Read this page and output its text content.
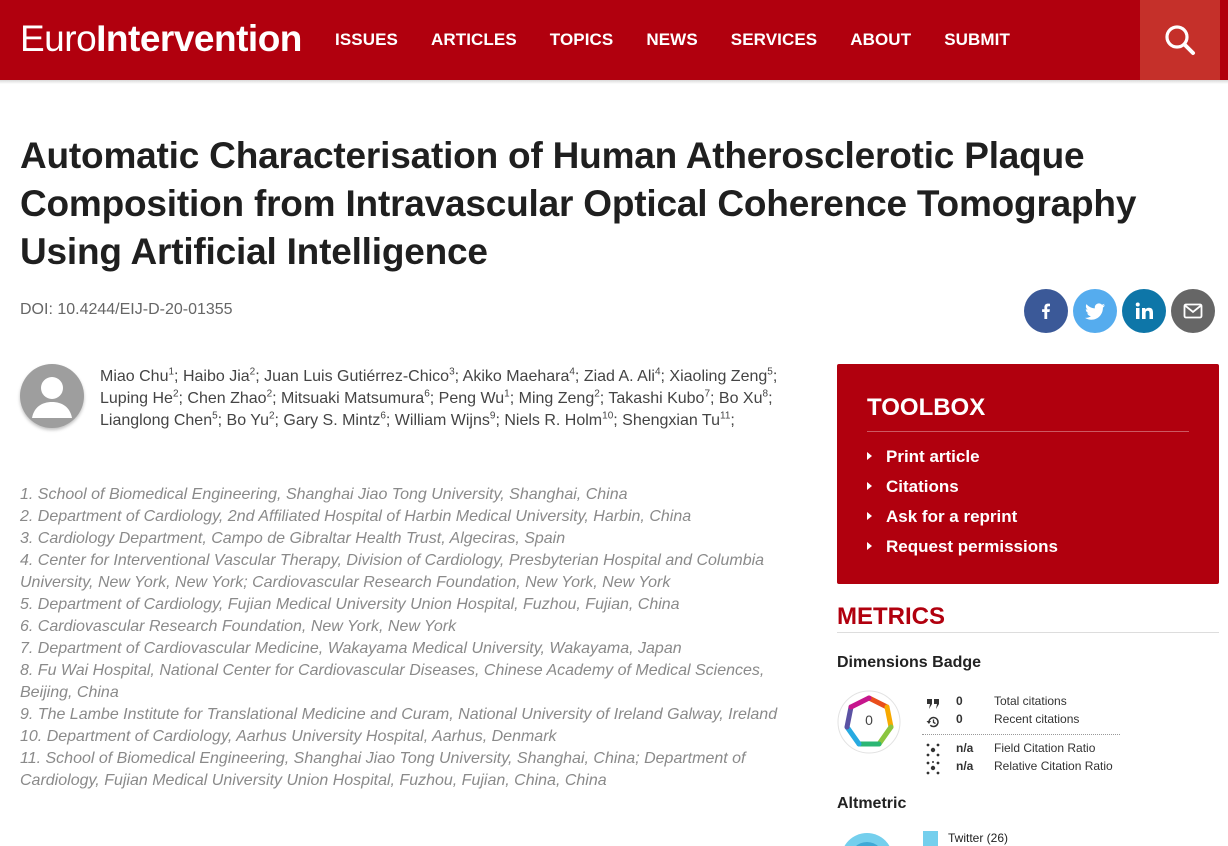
EuroIntervention ISSUES ARTICLES TOPICS NEWS SERVICES ABOUT SUBMIT
Automatic Characterisation of Human Atherosclerotic Plaque Composition from Intravascular Optical Coherence Tomography Using Artificial Intelligence
DOI: 10.4244/EIJ-D-20-01355
Miao Chu$^1$; Haibo Jia$^2$; Juan Luis Gutiérrez-Chico$^3$; Akiko Maehara$^4$; Ziad A. Ali$^4$; Xiaoling Zeng$^5$; Luping He$^2$; Chen Zhao$^2$; Mitsuaki Matsumura$^6$; Peng Wu$^1$; Ming Zeng$^2$; Takashi Kubo$^7$; Bo Xu$^8$; Lianglong Chen$^5$; Bo Yu$^2$; Gary S. Mintz$^6$; William Wijns$^9$; Niels R. Holm$^{10}$; Shengxian Tu$^{11}$;
1. School of Biomedical Engineering, Shanghai Jiao Tong University, Shanghai, China
2. Department of Cardiology, 2nd Affiliated Hospital of Harbin Medical University, Harbin, China
3. Cardiology Department, Campo de Gibraltar Health Trust, Algeciras, Spain
4. Center for Interventional Vascular Therapy, Division of Cardiology, Presbyterian Hospital and Columbia University, New York, New York; Cardiovascular Research Foundation, New York, New York
5. Department of Cardiology, Fujian Medical University Union Hospital, Fuzhou, Fujian, China
6. Cardiovascular Research Foundation, New York, New York
7. Department of Cardiovascular Medicine, Wakayama Medical University, Wakayama, Japan
8. Fu Wai Hospital, National Center for Cardiovascular Diseases, Chinese Academy of Medical Sciences, Beijing, China
9. The Lambe Institute for Translational Medicine and Curam, National University of Ireland Galway, Ireland
10. Department of Cardiology, Aarhus University Hospital, Aarhus, Denmark
11. School of Biomedical Engineering, Shanghai Jiao Tong University, Shanghai, China; Department of Cardiology, Fujian Medical University Union Hospital, Fuzhou, Fujian, China, China
TOOLBOX
Print article
Citations
Ask for a reprint
Request permissions
METRICS
Dimensions Badge
0
0	Total citations
0	Recent citations
n/a	Field Citation Ratio
n/a	Relative Citation Ratio
Altmetric
Twitter (26)
